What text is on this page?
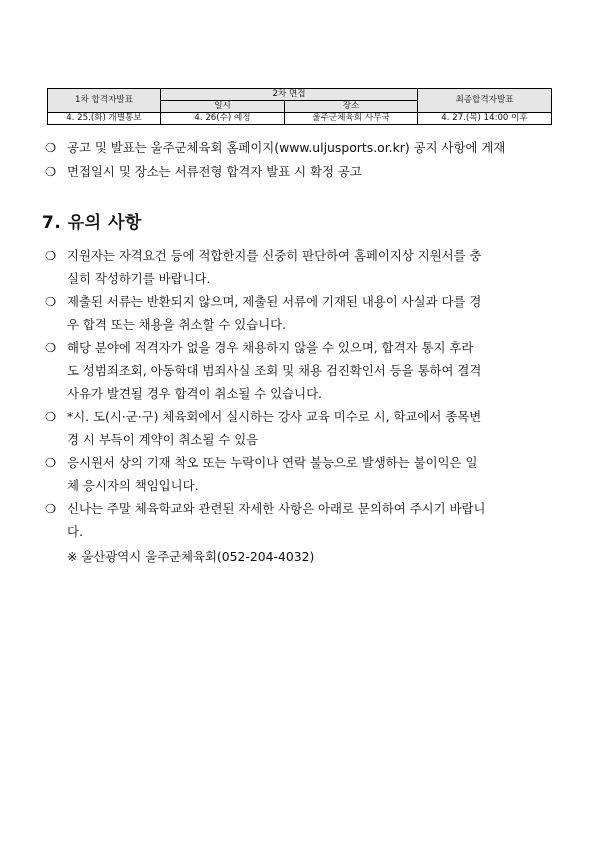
1차 합격자발표	2차 면접		최종합격자발표
	일시	장소	
4. 25.(화) 개별통보	4. 26(수) 예정	울주군체육회 사무국	4. 27.(목) 14:00 이후
❍ 공고 및 발표는 울주군체육회 홈페이지(www.uljusports.or.kr) 공지 사항에 게재
❍ 면접일시 및 장소는 서류전형 합격자 발표 시 확정 공고
7. 유의 사항
❍ 지원자는 자격요건 등에 적합한지를 신중히 판단하여 홈페이지상 지원서를 충
실히 작성하기를 바랍니다.
❍ 제출된 서류는 반환되지 않으며, 제출된 서류에 기재된 내용이 사실과 다를 경
우 합격 또는 채용을 취소할 수 있습니다.
❍ 해당 분야에 적격자가 없을 경우 채용하지 않을 수 있으며, 합격자 통지 후라
도 성범죄조회, 아동학대 범죄사실 조회 및 채용 검진확인서 등을 통하여 결격
사유가 발견될 경우 합격이 취소될 수 있습니다.
❍ *시. 도(시·군·구) 체육회에서 실시하는 강사 교육 미수로 시, 학교에서 종목변
경 시 부득이 계약이 취소될 수 있음
❍ 응시원서 상의 기재 착오 또는 누락이나 연락 불능으로 발생하는 불이익은 일
체 응시자의 책임입니다.
❍ 신나는 주말 체육학교와 관련된 자세한 사항은 아래로 문의하여 주시기 바랍니
다.
※ 울산광역시 울주군체육회(052-204-4032)
